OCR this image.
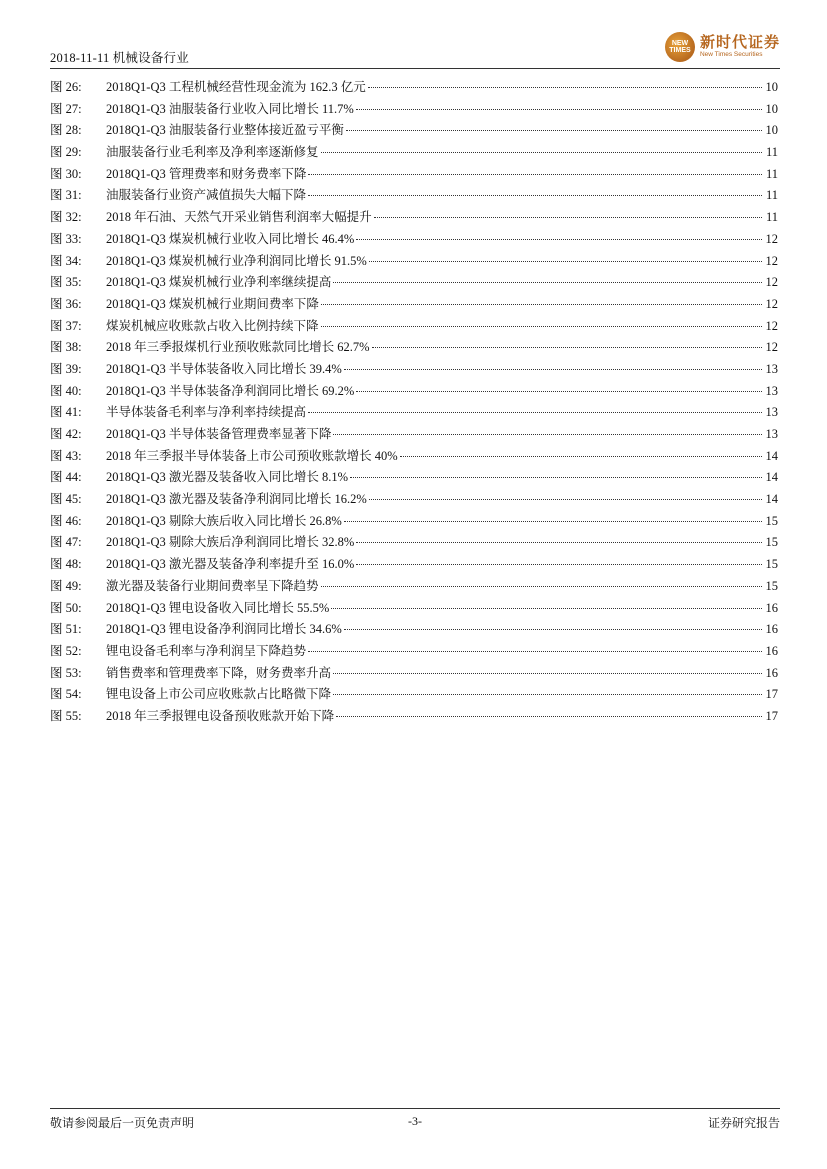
2018-11-11 机械设备行业
NEW TIMES 新时代证券
New Times Securities
图 26:	2018Q1-Q3 工程机械经营性现金流为 162.3 亿元	10
图 27:	2018Q1-Q3 油服装备行业收入同比增长 11.7%	10
图 28:	2018Q1-Q3 油服装备行业整体接近盈亏平衡	10
图 29:	油服装备行业毛利率及净利率逐渐修复	11
图 30:	2018Q1-Q3 管理费率和财务费率下降	11
图 31:	油服装备行业资产减值损失大幅下降	11
图 32:	2018 年石油、天然气开采业销售利润率大幅提升	11
图 33:	2018Q1-Q3 煤炭机械行业收入同比增长 46.4%	12
图 34:	2018Q1-Q3 煤炭机械行业净利润同比增长 91.5%	12
图 35:	2018Q1-Q3 煤炭机械行业净利率继续提高	12
图 36:	2018Q1-Q3 煤炭机械行业期间费率下降	12
图 37:	煤炭机械应收账款占收入比例持续下降	12
图 38:	2018 年三季报煤机行业预收账款同比增长 62.7%	12
图 39:	2018Q1-Q3 半导体装备收入同比增长 39.4%	13
图 40:	2018Q1-Q3 半导体装备净利润同比增长 69.2%	13
图 41:	半导体装备毛利率与净利率持续提高	13
图 42:	2018Q1-Q3 半导体装备管理费率显著下降	13
图 43:	2018 年三季报半导体装备上市公司预收账款增长 40%	14
图 44:	2018Q1-Q3 激光器及装备收入同比增长 8.1%	14
图 45:	2018Q1-Q3 激光器及装备净利润同比增长 16.2%	14
图 46:	2018Q1-Q3 剔除大族后收入同比增长 26.8%	15
图 47:	2018Q1-Q3 剔除大族后净利润同比增长 32.8%	15
图 48:	2018Q1-Q3 激光器及装备净利率提升至 16.0%	15
图 49:	激光器及装备行业期间费率呈下降趋势	15
图 50:	2018Q1-Q3 锂电设备收入同比增长 55.5%	16
图 51:	2018Q1-Q3 锂电设备净利润同比增长 34.6%	16
图 52:	锂电设备毛利率与净利润呈下降趋势	16
图 53:	销售费率和管理费率下降，财务费率升高	16
图 54:	锂电设备上市公司应收账款占比略微下降	17
图 55:	2018 年三季报锂电设备预收账款开始下降	17
敬请参阅最后一页免责声明	-3-	证券研究报告
